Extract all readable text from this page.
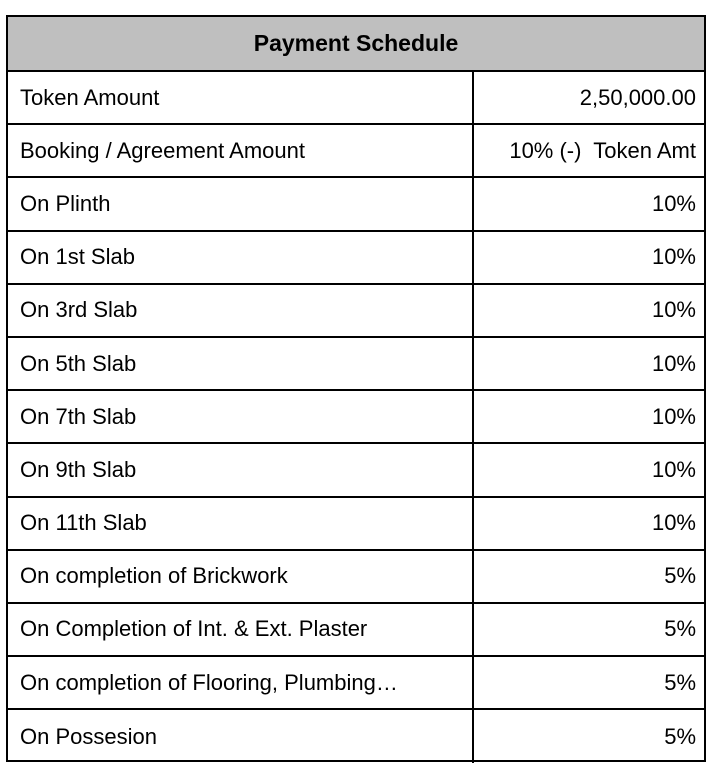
Payment Schedule
Token Amount	2,50,000.00
Booking / Agreement Amount	10% (-)  Token Amt
On Plinth	10%
On 1st Slab	10%
On 3rd Slab	10%
On 5th Slab	10%
On 7th Slab	10%
On 9th Slab	10%
On 11th Slab	10%
On completion of Brickwork	5%
On Completion of Int. & Ext. Plaster	5%
On completion of Flooring, Plumbing…	5%
On Possesion	5%
